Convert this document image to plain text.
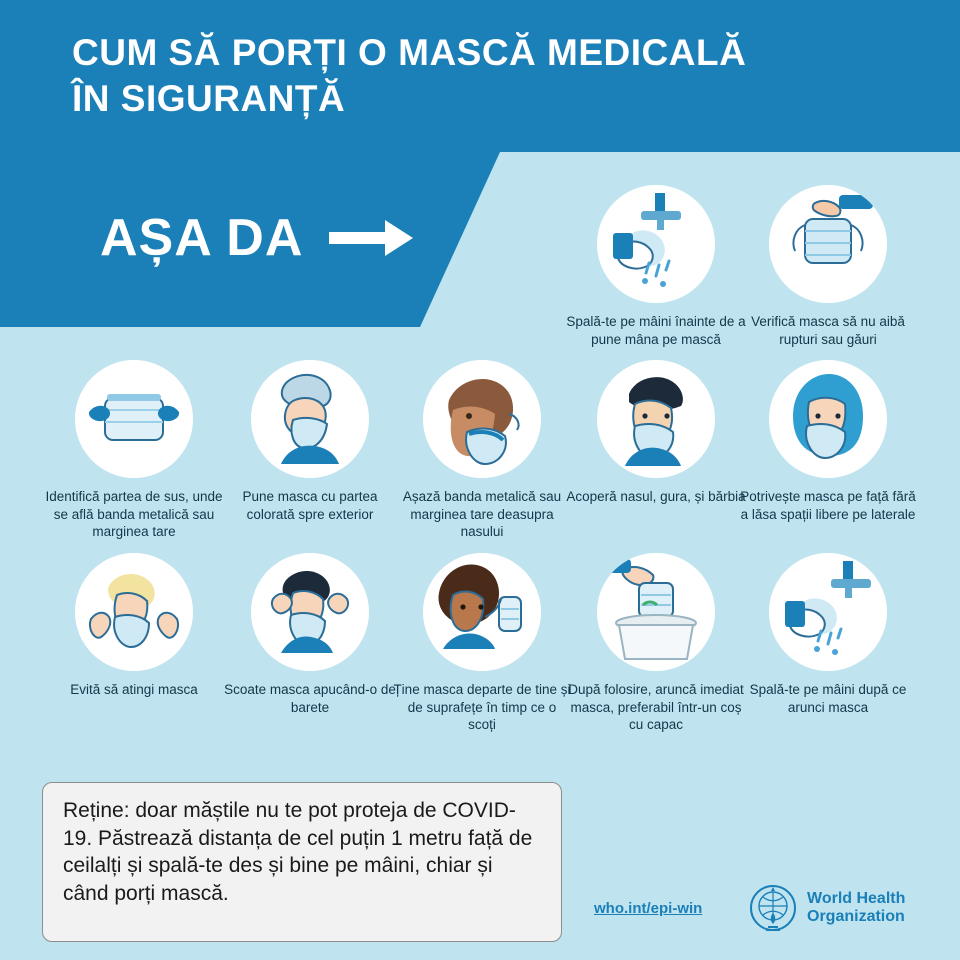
CUM SĂ PORȚI O MASCĂ MEDICALĂ
ÎN SIGURANȚĂ
AȘA DA
Spală-te pe mâini înainte de a pune mâna pe mască
Verifică masca să nu aibă rupturi sau găuri
Identifică partea de sus, unde se află banda metalică sau marginea tare
Pune masca cu partea colorată spre exterior
Așază banda metalică sau marginea tare deasupra nasului
Acoperă nasul, gura, și bărbia
Potrivește masca pe față fără a lăsa spații libere pe laterale
Evită să atingi masca	Scoate masca apucând-o de barete
Ține masca departe de tine și de suprafețe în timp ce o scoți
După folosire, aruncă imediat masca, preferabil într-un coș cu capac
Spală-te pe mâini după ce arunci masca
Reține: doar măștile nu te pot proteja de COVID-19. Păstrează distanța de cel puțin 1 metru față de ceilalți și spală-te des și bine pe mâini, chiar și când porți mască.
who.int/epi-win
World Health
Organization
